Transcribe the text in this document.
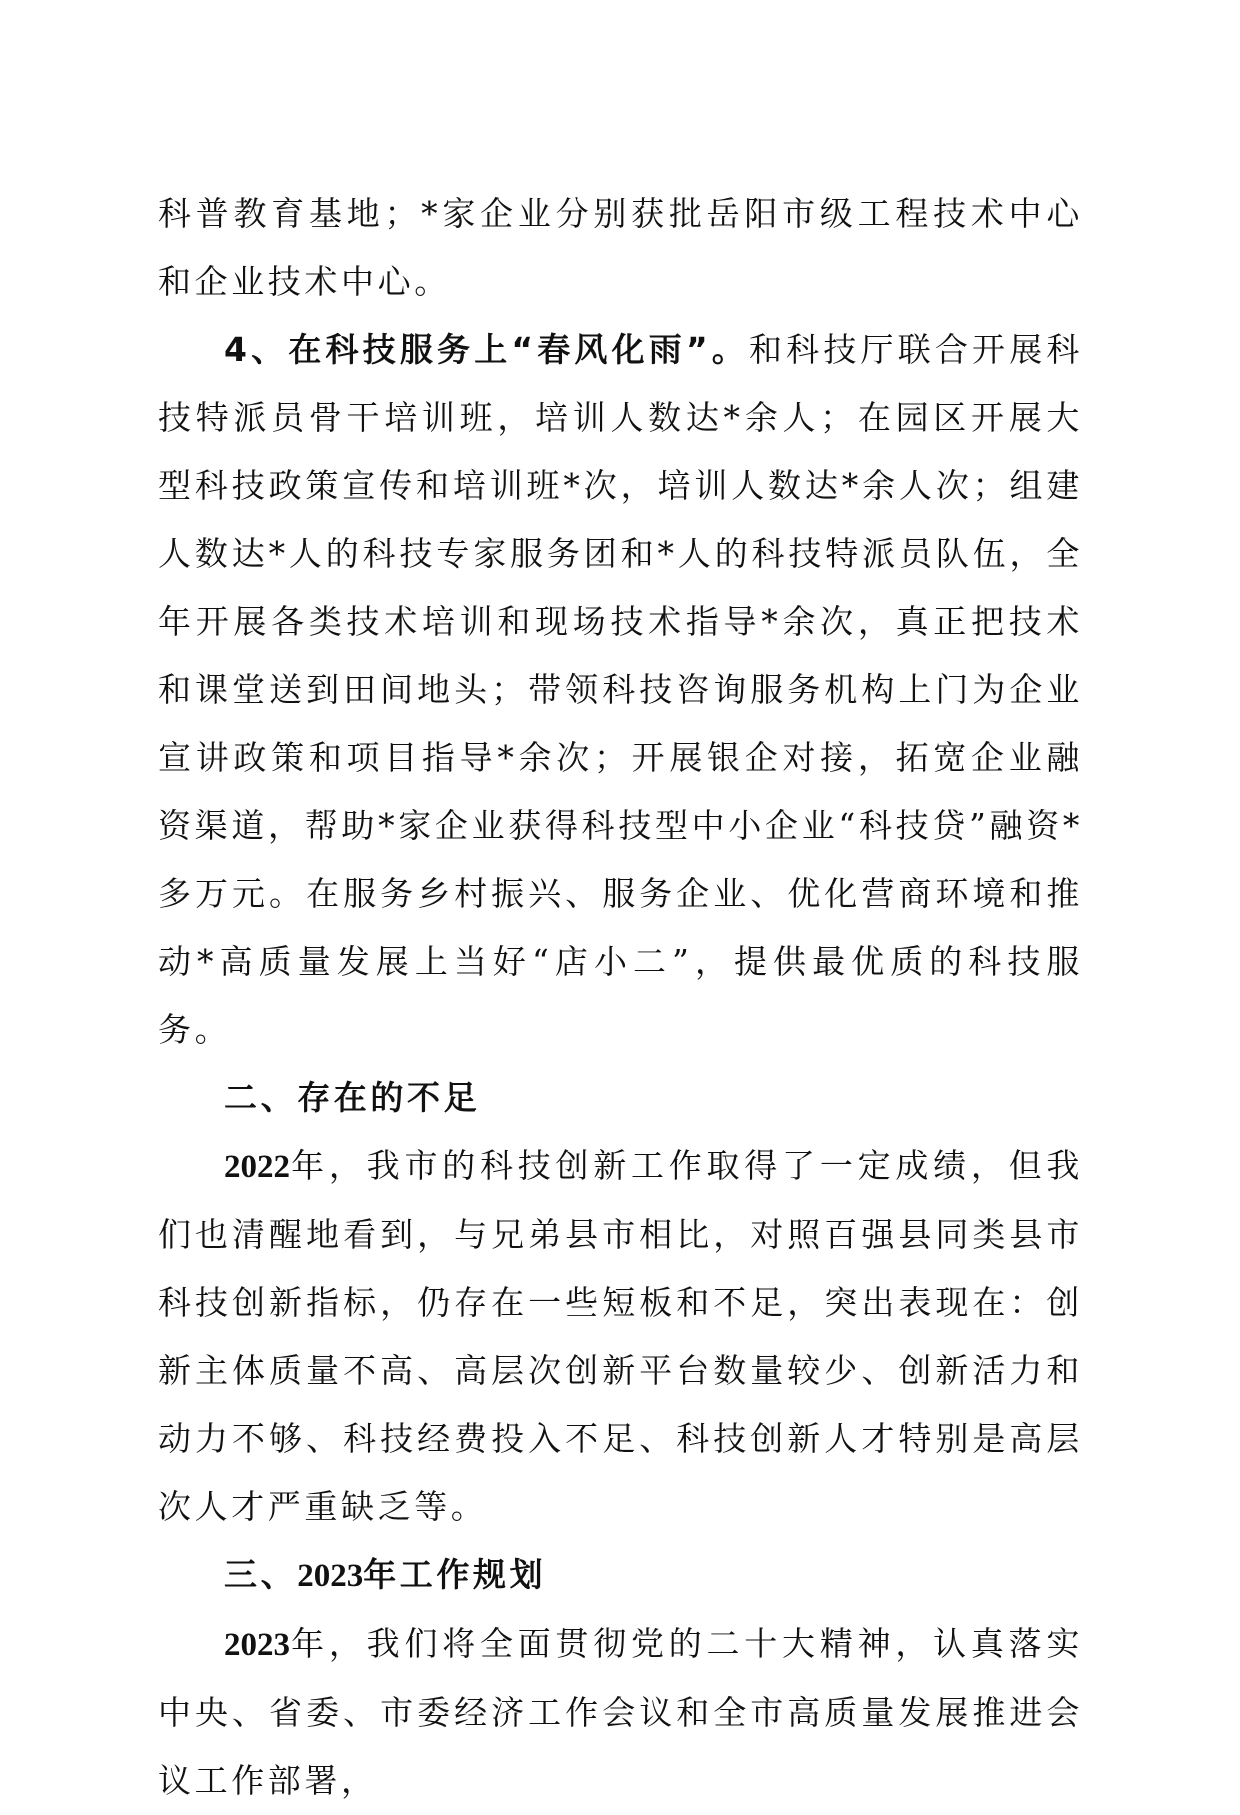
科普教育基地；*家企业分别获批岳阳市级工程技术中心和企业技术中心。

4、在科技服务上“春风化雨”。和科技厅联合开展科技特派员骨干培训班，培训人数达*余人；在园区开展大型科技政策宣传和培训班*次，培训人数达*余人次；组建人数达*人的科技专家服务团和*人的科技特派员队伍，全年开展各类技术培训和现场技术指导*余次，真正把技术和课堂送到田间地头；带领科技咨询服务机构上门为企业宣讲政策和项目指导*余次；开展银企对接，拓宽企业融资渠道，帮助*家企业获得科技型中小企业“科技贷”融资*多万元。在服务乡村振兴、服务企业、优化营商环境和推动*高质量发展上当好“店小二”，提供最优质的科技服务。

二、存在的不足

2022年，我市的科技创新工作取得了一定成绩，但我们也清醒地看到，与兄弟县市相比，对照百强县同类县市科技创新指标，仍存在一些短板和不足，突出表现在：创新主体质量不高、高层次创新平台数量较少、创新活力和动力不够、科技经费投入不足、科技创新人才特别是高层次人才严重缺乏等。

三、2023年工作规划

2023年，我们将全面贯彻党的二十大精神，认真落实中央、省委、市委经济工作会议和全市高质量发展推进会议工作部署，
